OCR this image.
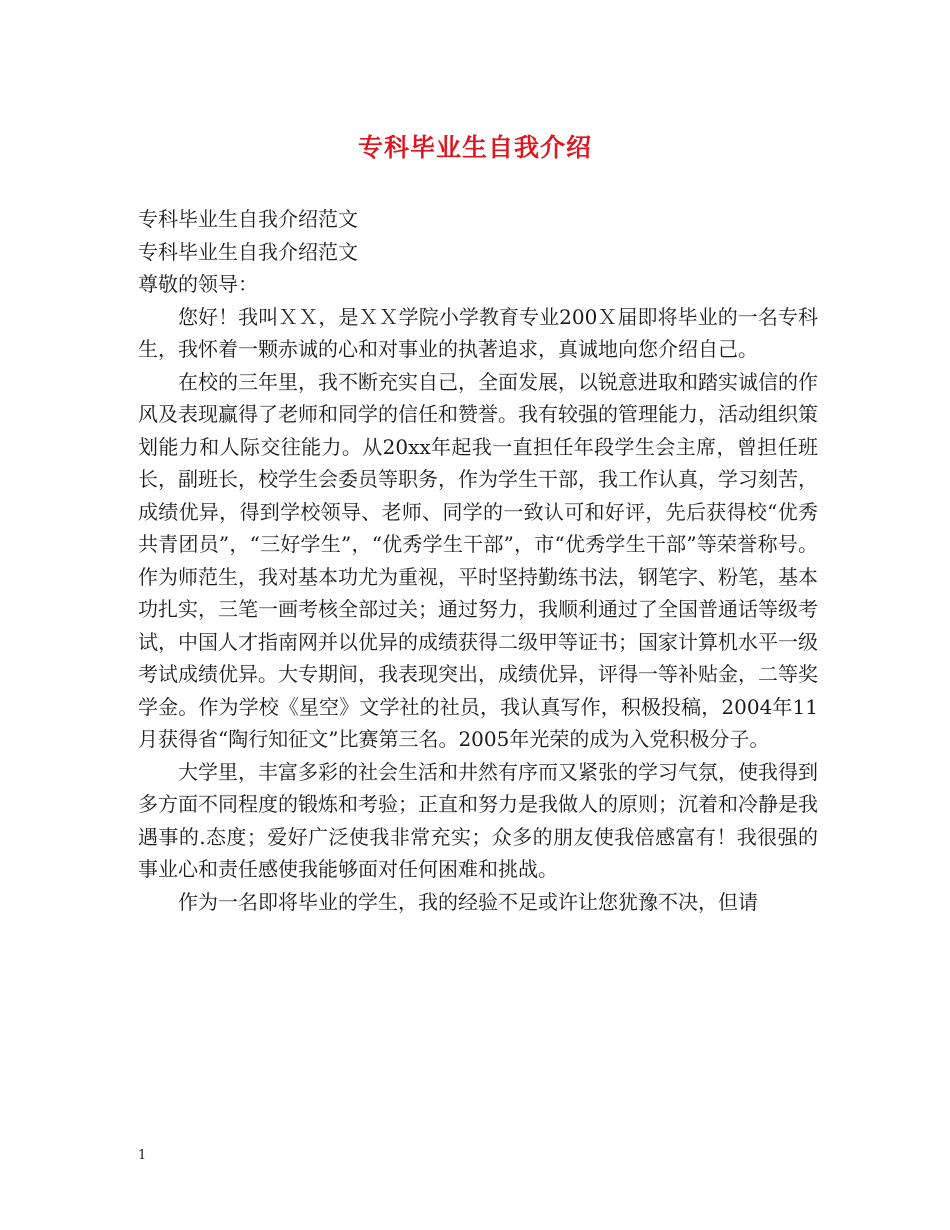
专科毕业生自我介绍

专科毕业生自我介绍范文

专科毕业生自我介绍范文

尊敬的领导：

您好！我叫ＸＸ，是ＸＸ学院小学教育专业200Ｘ届即将毕业的一名专科生，我怀着一颗赤诚的心和对事业的执著追求，真诚地向您介绍自己。

在校的三年里，我不断充实自己，全面发展，以锐意进取和踏实诚信的作风及表现赢得了老师和同学的信任和赞誉。我有较强的管理能力，活动组织策划能力和人际交往能力。从20xx年起我一直担任年段学生会主席，曾担任班长，副班长，校学生会委员等职务，作为学生干部，我工作认真，学习刻苦，成绩优异，得到学校领导、老师、同学的一致认可和好评，先后获得校“优秀共青团员”，“三好学生”，“优秀学生干部”，市“优秀学生干部”等荣誉称号。作为师范生，我对基本功尤为重视，平时坚持勤练书法，钢笔字、粉笔，基本功扎实，三笔一画考核全部过关；通过努力，我顺利通过了全国普通话等级考试，中国人才指南网并以优异的成绩获得二级甲等证书；国家计算机水平一级考试成绩优异。大专期间，我表现突出，成绩优异，评得一等补贴金，二等奖学金。作为学校《星空》文学社的社员，我认真写作，积极投稿，2004年11月获得省“陶行知征文”比赛第三名。2005年光荣的成为入党积极分子。

大学里，丰富多彩的社会生活和井然有序而又紧张的学习气氛，使我得到多方面不同程度的锻炼和考验；正直和努力是我做人的原则；沉着和冷静是我遇事的.态度；爱好广泛使我非常充实；众多的朋友使我倍感富有！我很强的事业心和责任感使我能够面对任何困难和挑战。

作为一名即将毕业的学生，我的经验不足或许让您犹豫不决，但请

1
